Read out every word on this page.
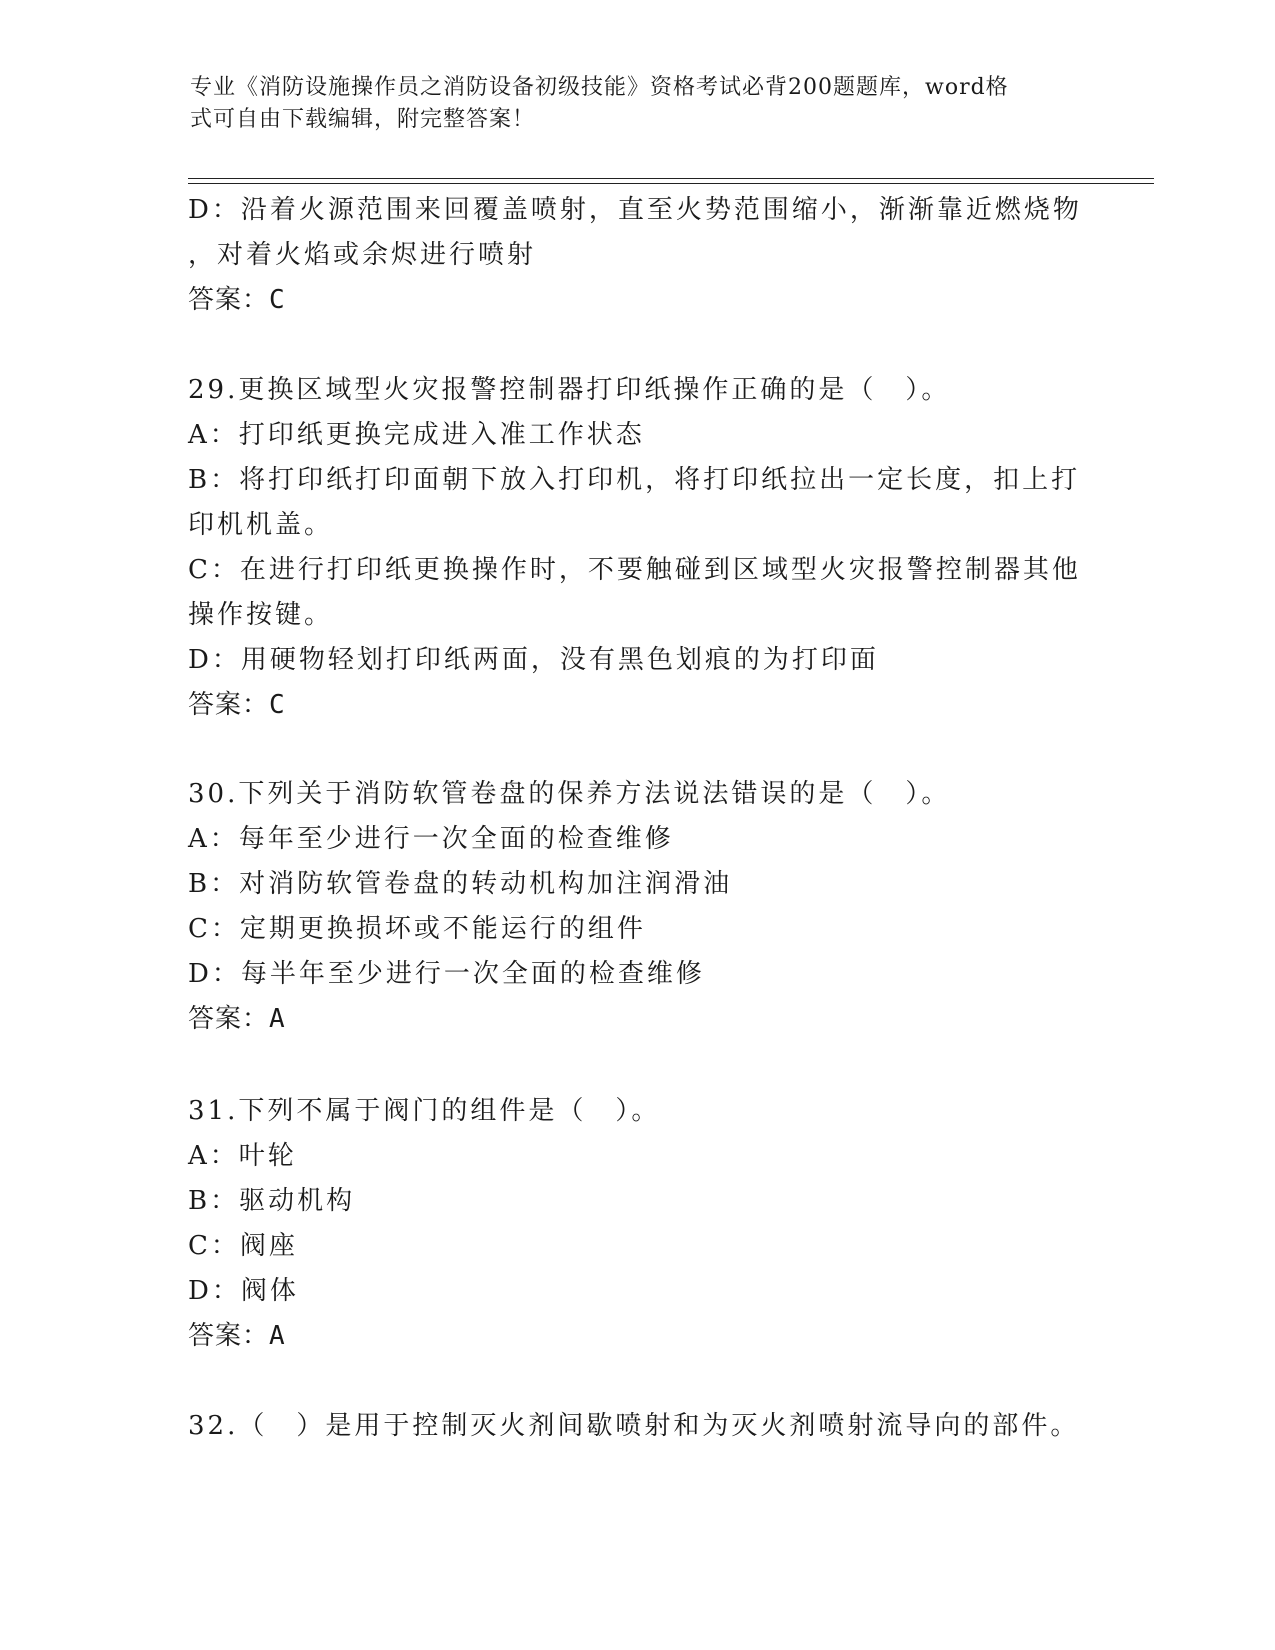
专业《消防设施操作员之消防设备初级技能》资格考试必背200题题库，word格
式可自由下载编辑，附完整答案！
D：沿着火源范围来回覆盖喷射，直至火势范围缩小，渐渐靠近燃烧物
，对着火焰或余烬进行喷射
答案：C
29.更换区域型火灾报警控制器打印纸操作正确的是（　）。
A：打印纸更换完成进入准工作状态
B：将打印纸打印面朝下放入打印机，将打印纸拉出一定长度，扣上打
印机机盖。
C：在进行打印纸更换操作时，不要触碰到区域型火灾报警控制器其他
操作按键。
D：用硬物轻划打印纸两面，没有黑色划痕的为打印面
答案：C
30.下列关于消防软管卷盘的保养方法说法错误的是（　）。
A：每年至少进行一次全面的检查维修
B：对消防软管卷盘的转动机构加注润滑油
C：定期更换损坏或不能运行的组件
D：每半年至少进行一次全面的检查维修
答案：A
31.下列不属于阀门的组件是（　）。
A：叶轮
B：驱动机构
C：阀座
D：阀体
答案：A
32.（　）是用于控制灭火剂间歇喷射和为灭火剂喷射流导向的部件。
